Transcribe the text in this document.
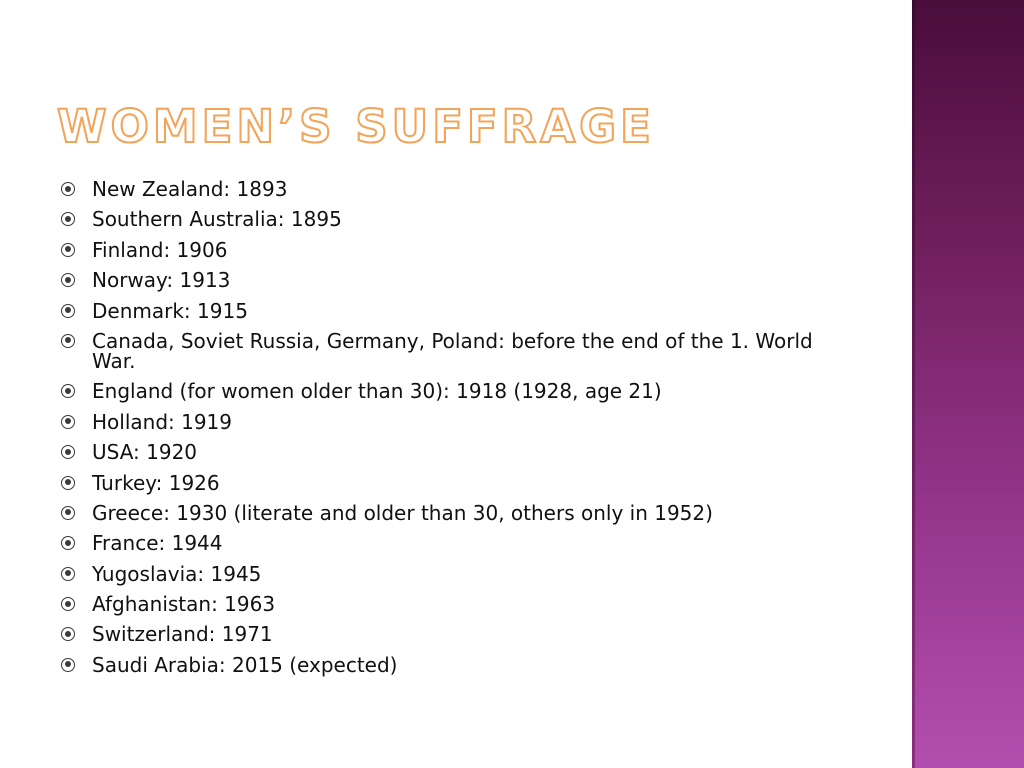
WOMEN’S SUFFRAGE
New Zealand: 1893
Southern Australia: 1895
Finland: 1906
Norway: 1913
Denmark: 1915
Canada, Soviet Russia, Germany, Poland: before the end of the 1. World War.
England (for women older than 30): 1918 (1928, age 21)
Holland: 1919
USA: 1920
Turkey: 1926
Greece: 1930 (literate and older than 30, others only in 1952)
France: 1944
Yugoslavia: 1945
Afghanistan: 1963
Switzerland: 1971
Saudi Arabia: 2015 (expected)
